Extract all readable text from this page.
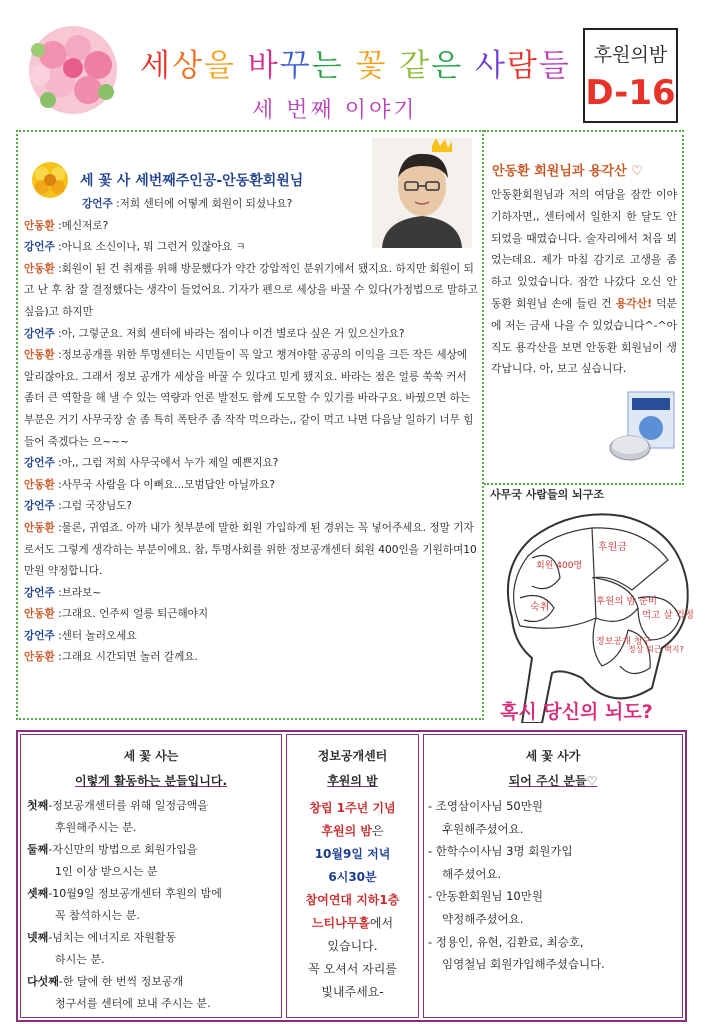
세상을 바꾸는 꽃 같은 사람들
세 번째 이야기
후원의밤
D-16
세 꽃 사 세번째주인공-안동환회원님

강언주 :저희 센터에 어떻게 회원이 되셨나요?

안동환 :메신저로?

강언주 :아니요 소신이나, 뭐 그런거 있잖아요 ㅋ

안동환 :회원이 된 건 취재를 위해 방문했다가 약간 강압적인 분위기에서 됐지요. 하지만 회원이 되고 난 후 참 잘 결정했다는 생각이 들었어요. 기자가 펜으로 세상을 바꿀 수 있다(가정법으로 말하고 싶음)고 하지만

강언주 :아, 그렇군요. 저희 센터에 바라는 점이나 이건 별로다 싶은 거 있으신가요?

안동환 :정보공개를 위한 투명센터는 시민들이 꼭 알고 챙겨야할 공공의 이익을 크든 작든 세상에 알리잖아요. 그래서 정보 공개가 세상을 바꿀 수 있다고 믿게 됐지요. 바라는 점은 얼릉 쑥쑥 커서 좀더 큰 역할을 해 낼 수 있는 역량과 언론 발전도 함께 도모할 수 있기를 바라구요. 바꿨으면 하는 부분은 거기 사무국장 술 좀 특히 폭탄주 좀 작작 먹으라는,, 같이 먹고 나면 다음날 일하기 너무 힘들어 죽겠다는 으~~~

강언주 :아,, 그럼 저희 사무국에서 누가 제일 예쁜지요?

안동환 :사무국 사람을 다 이뻐요...모범답안 아닐까요?

강언주 :그럼 국장님도?

안동환 :물론, 귀엽죠. 아까 내가 첫부분에 말한 회원 가입하게 된 경위는 꼭 넣어주세요. 정말 기자로서도 그렇게 생각하는 부분이에요. 참, 투명사회를 위한 정보공개센터 회원 400인을 기원하며10만원 약정합니다.

강언주 :브라보~

안동환 :그래요. 언주씨 얼릉 퇴근해야지

강언주 :센터 놀러오세요

안동환 :그래요 시간되면 놀러 갈께요.

안동환 회원님과 용각산 ♡
안동환회원님과 저의 여담을 잠깐 이야기하자면,, 센터에서 일한지 한 달도 안되었을 때였습니다. 술자리에서 처음 뵈었는데요. 제가 마침 감기로 고생을 좀 하고 있었습니다. 잠깐 나갔다 오신 안동환 회원님 손에 들린 건 용각산! 덕분에 저는 금새 나을 수 있었습니다^-^아직도 용각산을 보면 안동환 회원님이 생각납니다. 아, 보고 싶습니다.
사무국 사람들의 뇌구조
후원금
회원 400명
후원의 밤 준비
숙취
먹고 살 걱정
정보공개 청구
정상 퇴근 백지?
혹시 당신의 뇌도?
세 꽃 사는
이렇게 활동하는 분들입니다.
첫째-정보공개센터를 위해 일정금액을
후원해주시는 분.
둘째-자신만의 방법으로 회원가입을
1인 이상 받으시는 분
셋째-10월9일 정보공개센터 후원의 밤에
꼭 참석하시는 분.
넷째-넘치는 에너지로 자원활동
하시는 분.
다섯째-한 달에 한 번씩 정보공개
청구서를 센터에 보내 주시는 분.
정보공개센터
후원의 밤
창립 1주년 기념
후원의 밤은
10월9일 저녁
6시30분
참여연대 지하1층
느티나무홀에서
있습니다.
꼭 오셔서 자리를
빛내주세요-
세 꽃 사가
되어 주신 분들♡
- 조영삼이사님 50만원
후원해주셨어요.
- 한학수이사님 3명 회원가입
해주셨어요.
- 안동환회원님 10만원
약정해주셨어요.
- 정용인, 유현, 김환료, 최승호,
임영철님 회원가입해주셨습니다.
